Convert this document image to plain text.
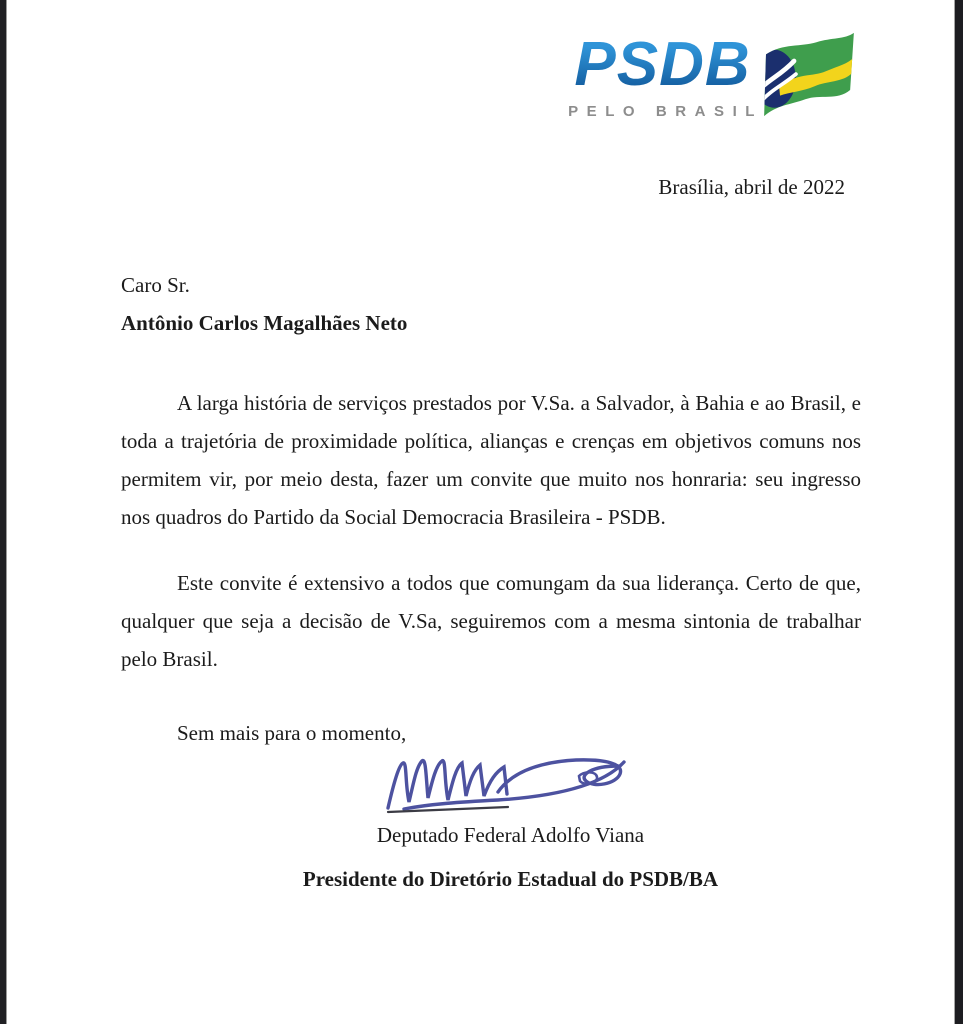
PSDB
PELO BRASIL
Brasília, abril de 2022

Caro Sr.

Antônio Carlos Magalhães Neto

A larga história de serviços prestados por V.Sa. a Salvador, à Bahia e ao Brasil, e toda a trajetória de proximidade política, alianças e crenças em objetivos comuns nos permitem vir, por meio desta, fazer um convite que muito nos honraria: seu ingresso nos quadros do Partido da Social Democracia Brasileira - PSDB.

Este convite é extensivo a todos que comungam da sua liderança. Certo de que, qualquer que seja a decisão de V.Sa, seguiremos com a mesma sintonia de trabalhar pelo Brasil.

Sem mais para o momento,

Deputado Federal Adolfo Viana
Presidente do Diretório Estadual do PSDB/BA
